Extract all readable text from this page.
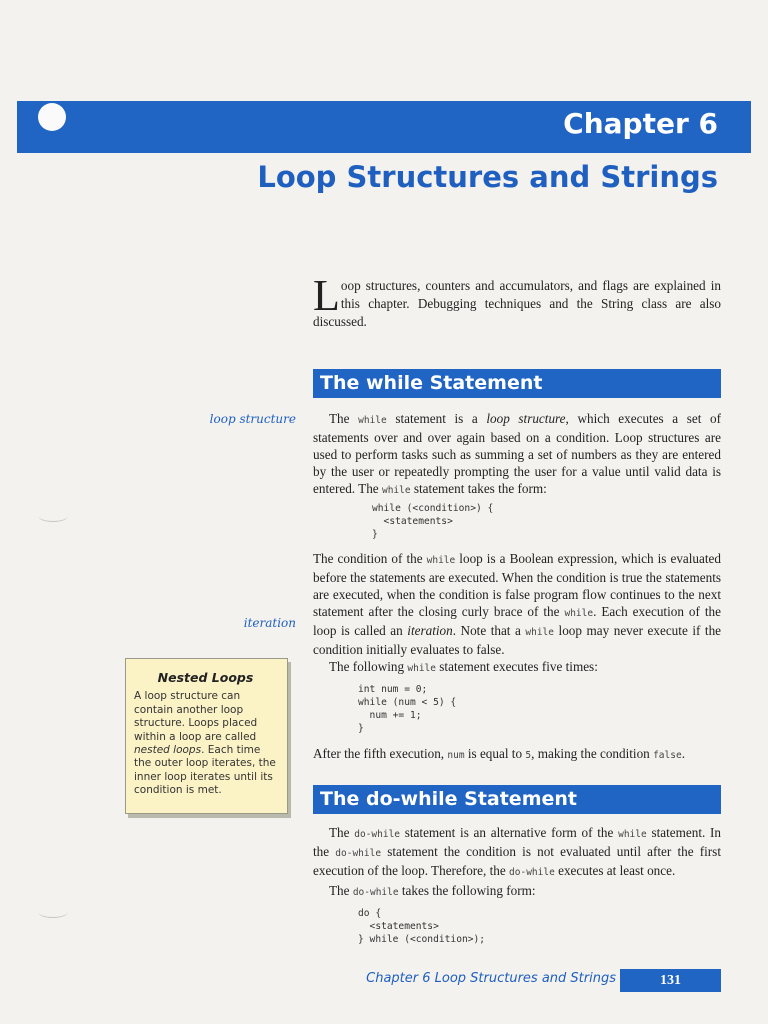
Chapter 6
Loop Structures and Strings
Loop structures, counters and accumulators, and flags are explained in this chapter. Debugging techniques and the String class are also discussed.
The while Statement
loop structure	The while statement is a loop structure, which executes a set of statements over and over again based on a condition. Loop structures are used to perform tasks such as summing a set of numbers as they are entered by the user or repeatedly prompting the user for a value until valid data is entered. The while statement takes the form:
while (<condition>) {
<statements>
}
The condition of the while loop is a Boolean expression, which is evaluated before the statements are executed. When the condition is true the statements are executed, when the condition is false program flow continues to the next statement after the closing curly brace of the while. Each execution of the loop is called an iteration. Note that a while loop may never execute if the condition initially evaluates to false.
iteration
The following while statement executes five times:
int num = 0;
while (num < 5) {
num += 1;
}
After the fifth execution, num is equal to 5, making the condition false.
Nested Loops
A loop structure can contain another loop structure. Loops placed within a loop are called nested loops. Each time the outer loop iterates, the inner loop iterates until its condition is met.	The do-while Statement
The do-while statement is an alternative form of the while statement. In the do-while statement the condition is not evaluated until after the first execution of the loop. Therefore, the do-while executes at least once.
The do-while takes the following form:
do {
<statements>
} while (<condition>);
Chapter 6 Loop Structures and Strings	131
